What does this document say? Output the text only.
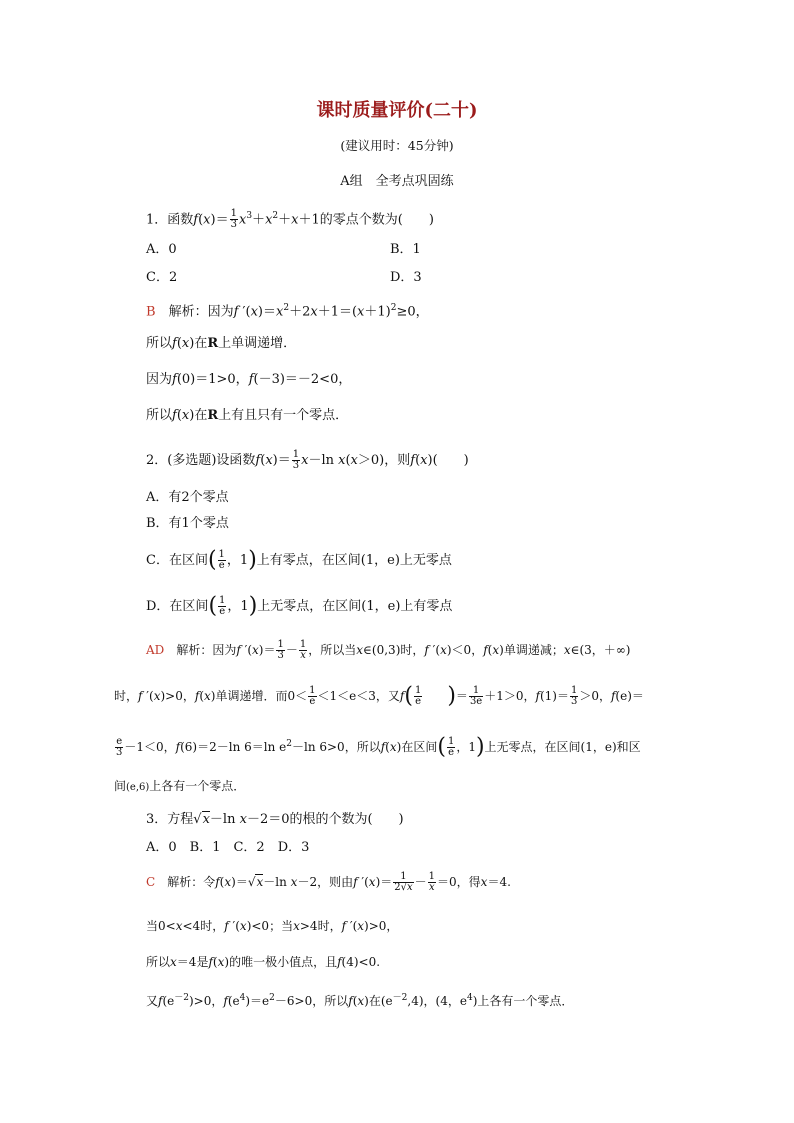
课时质量评价(二十)
(建议用时：45分钟)
A组　全考点巩固练
1．函数$f(x)= \frac{1}{3} x^3+x^2+x+1$的零点个数为(　　)
A．0	B．1
C．2	D．3
B　 解析：因为f $'(x)=x^2+2x+1=(x+1)^2\ge 0$，
所以f(x)在R上单调递增．
因为f(0)＝1>0，f(－3)＝－2<0，
所以f(x)在R上有且只有一个零点．
2．(多选题)设函数$f(x)= \frac{1}{3} x-\ln$ x(x＞0)，则f(x)(　　)
A．有2个零点
B．有1个零点
C．在区间( $\frac{1}{e}$ ，1)上有零点，在区间(1，e)上无零点
D．在区间( $\frac{1}{e}$ ，1)上无零点，在区间(1，e)上有零点
AD　 解析：因为f $'(x)= \frac{1}{3} - \frac{1}{x}$ ，所以当x∈(0,3)时，f ′(x)＜0，f(x)单调递减；x∈(3，＋∞)
时，f ′(x)>0，f(x)单调递增．而$0< \frac{1}{e} <1<e<3$，又$f( \frac{1}{e}$
　　 )＝ $\frac{1}{3e} +1>0$，$f(1)= \frac{1}{3} >0$，f(e)＝
$\frac{e}{3} -1<0$，f(6)＝2－ln 6＝ln $e^2-\ln$ 6>0，所以f(x)在区间( $\frac{1}{e}$ ，1)上无零点，在区间(1，e)和区
间(e,6)上各有一个零点．
3．方程√x－ln x－2＝0的根的个数为(　　)
A．0　B．1　C．2　D．3
C　 解析：令f(x)＝√x－ln x－2，则由f $'(x)= \frac{1}{2√x} - \frac{1}{x} =0$，得x＝4.
当0<x<4时，f ′(x)<0；当x>4时，f ′(x)>0，
所以x＝4是f(x)的唯一极小值点，且f(4)<0.
又$f(e^{-2})>0$，$f(e^4)=e^2-6>0$，所以f(x)在$(e^{-2},4)$，(4，$e^4$)上各有一个零点．
